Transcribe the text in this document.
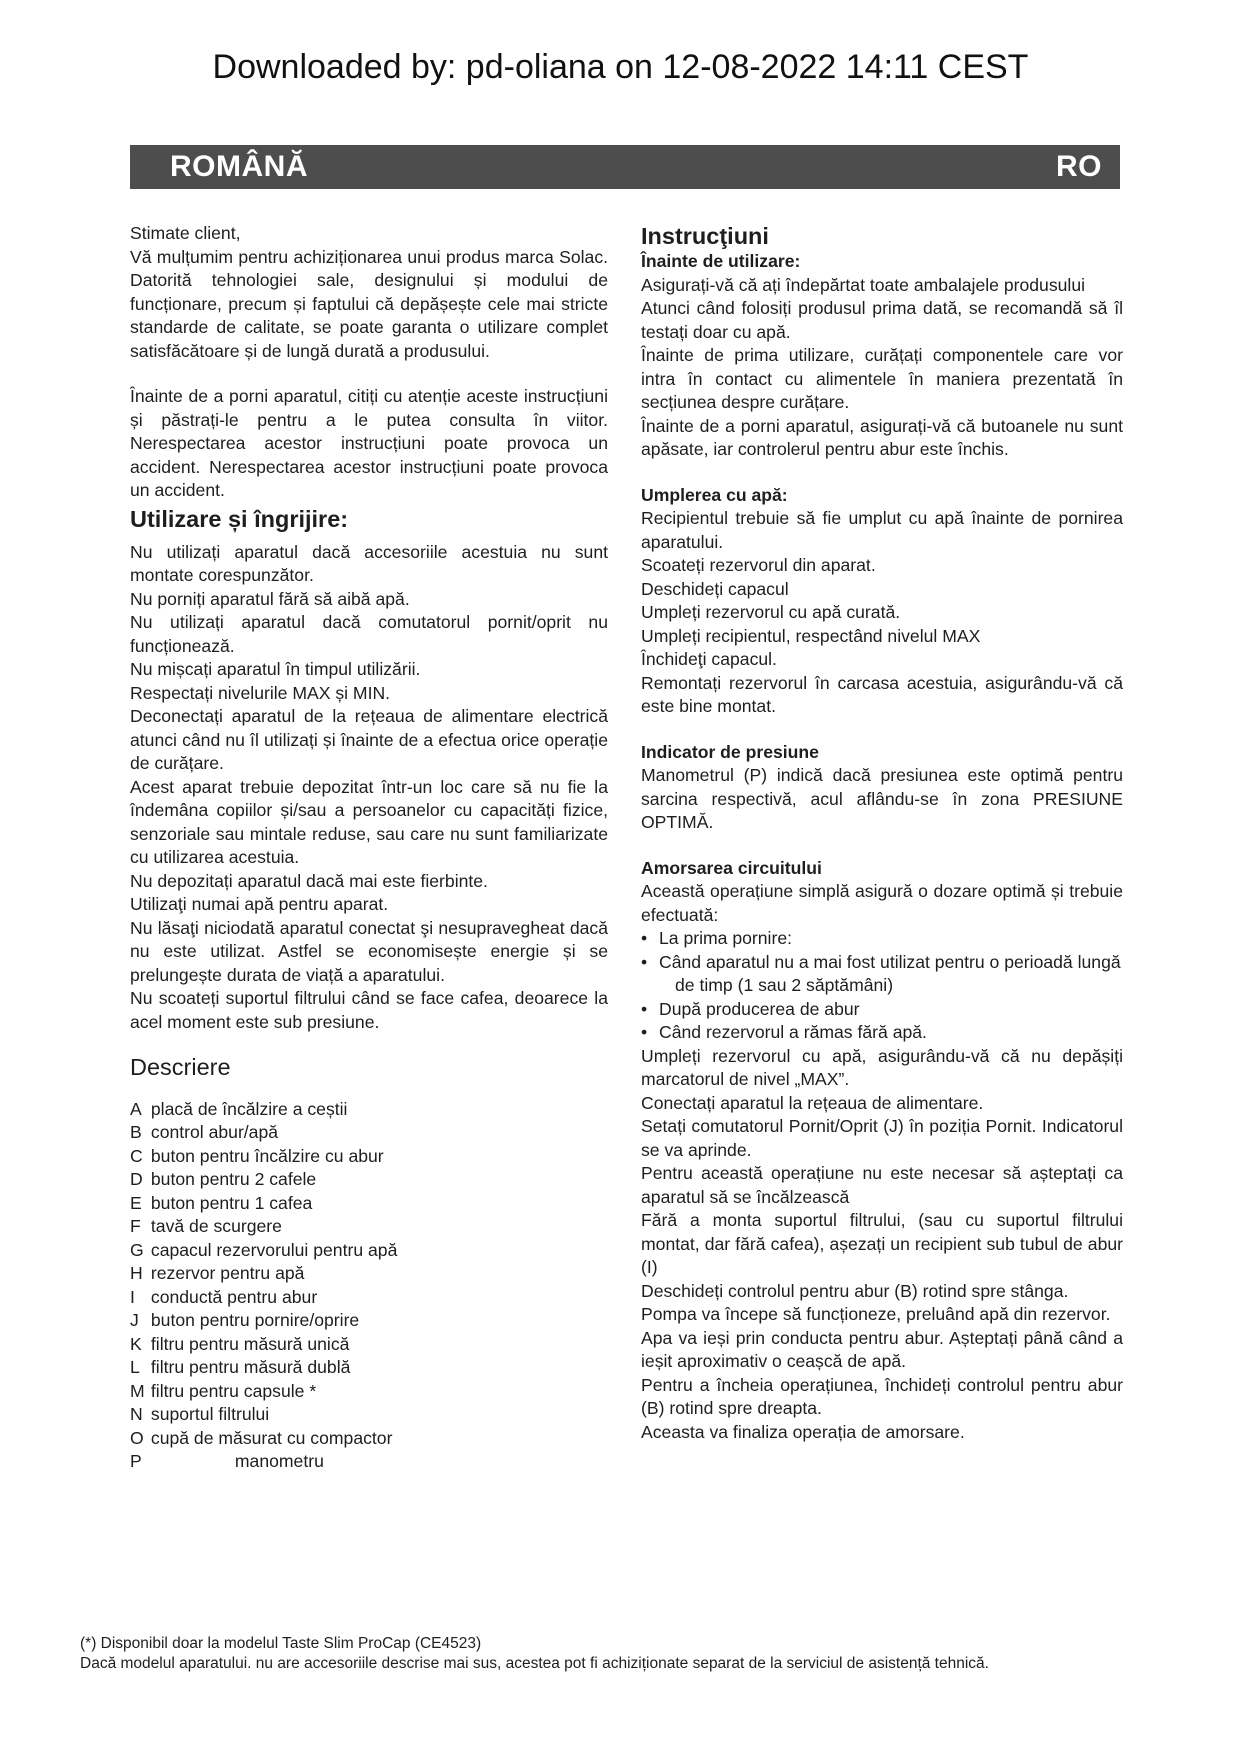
Downloaded by: pd-oliana on 12-08-2022 14:11 CEST
ROMÂNĂ	RO

Stimate client,

Vă mulțumim pentru achiziționarea unui produs marca Solac. Datorită tehnologiei sale, designului și modului de funcționare, precum și faptului că depășește cele mai stricte standarde de calitate, se poate garanta o utilizare complet satisfăcătoare și de lungă durată a produsului.

Înainte de a porni aparatul, citiți cu atenție aceste instrucțiuni și păstrați-le pentru a le putea consulta în viitor. Nerespectarea acestor instrucțiuni poate provoca un accident. Nerespectarea acestor instrucțiuni poate provoca un accident.

Utilizare și îngrijire:

Nu utilizați aparatul dacă accesoriile acestuia nu sunt montate corespunzător.

Nu porniți aparatul fără să aibă apă.

Nu utilizați aparatul dacă comutatorul pornit/oprit nu funcționează.

Nu mișcați aparatul în timpul utilizării.

Respectați nivelurile MAX și MIN.

Deconectați aparatul de la rețeaua de alimentare electrică atunci când nu îl utilizați și înainte de a efectua orice operație de curățare.

Acest aparat trebuie depozitat într-un loc care să nu fie la îndemâna copiilor și/sau a persoanelor cu capacități fizice, senzoriale sau mintale reduse, sau care nu sunt familiarizate cu utilizarea acestuia.

Nu depozitați aparatul dacă mai este fierbinte.

Utilizaţi numai apă pentru aparat.

Nu lăsaţi niciodată aparatul conectat şi nesupravegheat dacă nu este utilizat. Astfel se economisește energie și se prelungește durata de viață a aparatului.

Nu scoateți suportul filtrului când se face cafea, deoarece la acel moment este sub presiune.

Descriere
A placă de încălzire a ceștii
B control abur/apă
C buton pentru încălzire cu abur
D buton pentru 2 cafele
E buton pentru 1 cafea
F tavă de scurgere
G capacul rezervorului pentru apă
H rezervor pentru apă
I conductă pentru abur
J buton pentru pornire/oprire
K filtru pentru măsură unică
L filtru pentru măsură dublă
M filtru pentru capsule *
N suportul filtrului
O cupă de măsurat cu compactor
P	manometru
Instrucţiuni
Înainte de utilizare:

Asigurați-vă că ați îndepărtat toate ambalajele produsului

Atunci când folosiți produsul prima dată, se recomandă să îl testați doar cu apă.

Înainte de prima utilizare, curățați componentele care vor intra în contact cu alimentele în maniera prezentată în secțiunea despre curățare.

Înainte de a porni aparatul, asigurați-vă că butoanele nu sunt apăsate, iar controlerul pentru abur este închis.

Umplerea cu apă:

Recipientul trebuie să fie umplut cu apă înainte de pornirea aparatului.

Scoateți rezervorul din aparat.

Deschideți capacul

Umpleți rezervorul cu apă curată.

Umpleți recipientul, respectând nivelul MAX

Închideţi capacul.

Remontați rezervorul în carcasa acestuia, asigurându-vă că este bine montat.

Indicator de presiune

Manometrul (P) indică dacă presiunea este optimă pentru sarcina respectivă, acul aflându-se în zona PRESIUNE OPTIMĂ.

Amorsarea circuitului

Această operațiune simplă asigură o dozare optimă și trebuie efectuată:

• La prima pornire:
• Când aparatul nu a mai fost utilizat pentru o perioadă lungă de timp (1 sau 2 săptămâni)
• După producerea de abur
• Când rezervorul a rămas fără apă.

Umpleți rezervorul cu apă, asigurându-vă că nu depășiți marcatorul de nivel „MAX”.

Conectați aparatul la rețeaua de alimentare.

Setați comutatorul Pornit/Oprit (J) în poziția Pornit. Indicatorul se va aprinde.

Pentru această operațiune nu este necesar să așteptați ca aparatul să se încălzească

Fără a monta suportul filtrului, (sau cu suportul filtrului montat, dar fără cafea), așezați un recipient sub tubul de abur (I)

Deschideți controlul pentru abur (B) rotind spre stânga.

Pompa va începe să funcționeze, preluând apă din rezervor.

Apa va ieși prin conducta pentru abur. Așteptați până când a ieșit aproximativ o ceașcă de apă.

Pentru a încheia operațiunea, închideți controlul pentru abur (B) rotind spre dreapta.

Aceasta va finaliza operația de amorsare.

(*) Disponibil doar la modelul Taste Slim ProCap (CE4523)

Dacă modelul aparatului. nu are accesoriile descrise mai sus, acestea pot fi achiziționate separat de la serviciul de asistență tehnică.
